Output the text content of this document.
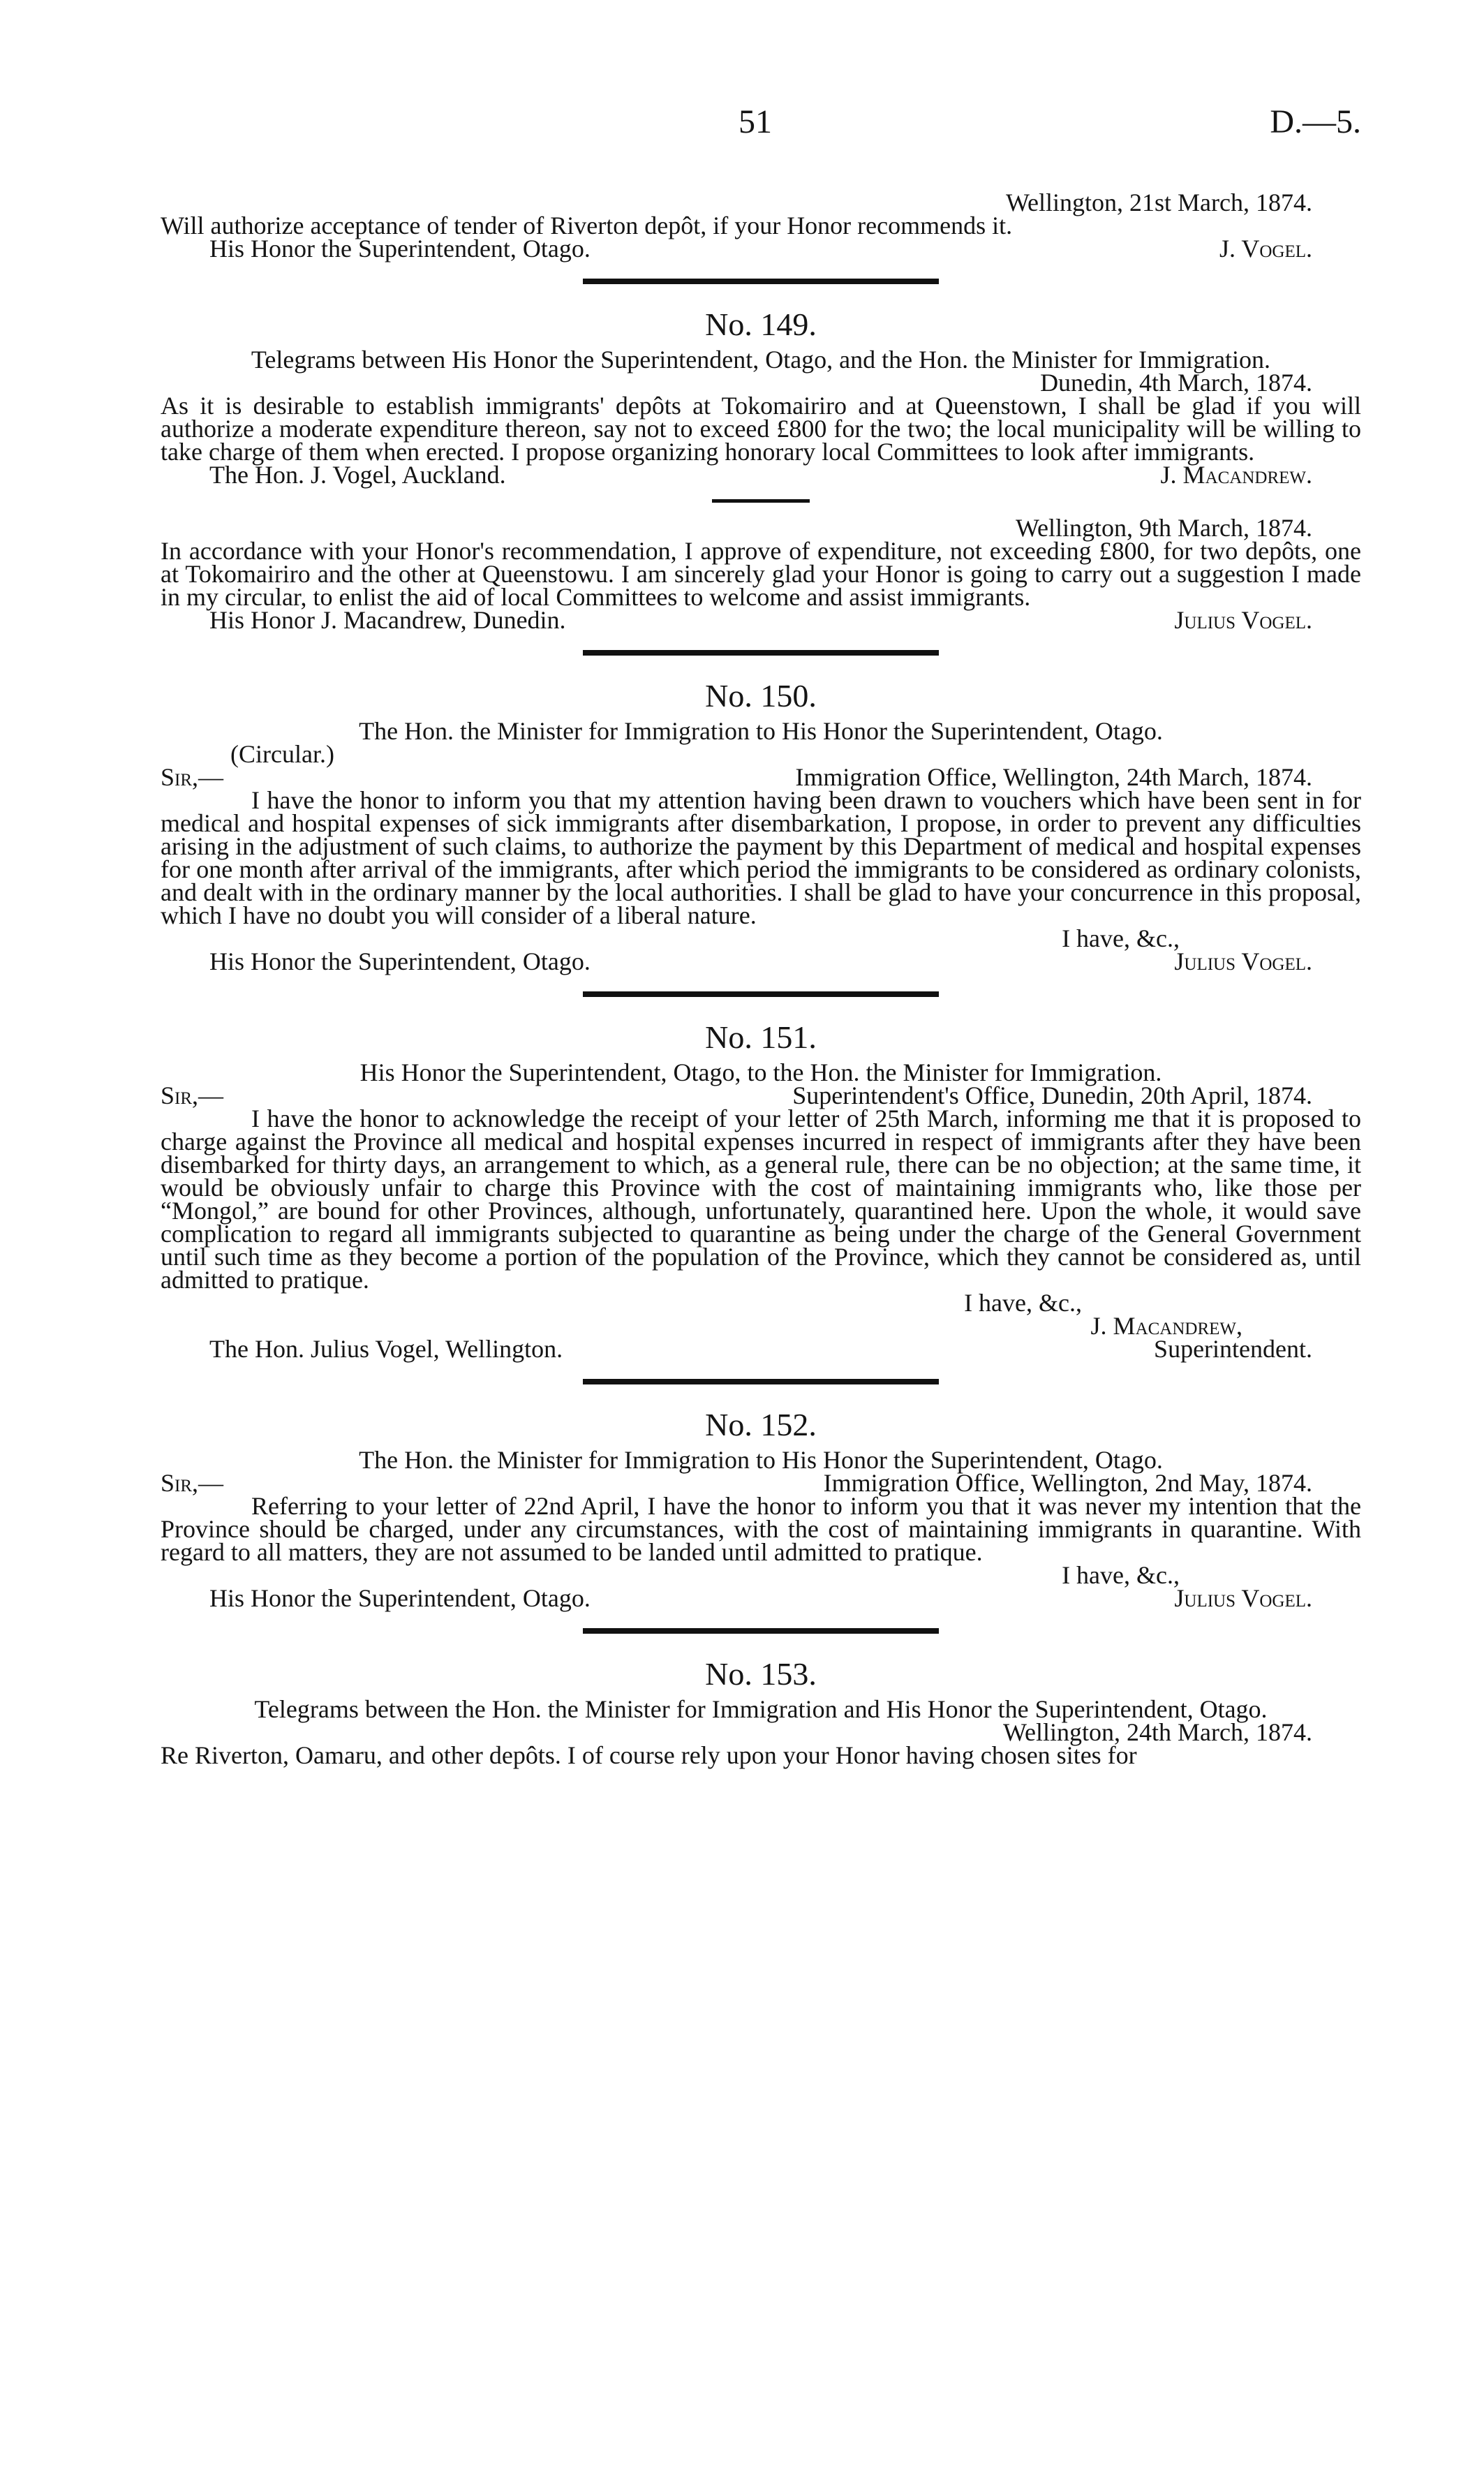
51	D.—5.
Wellington, 21st March, 1874.
Will authorize acceptance of tender of Riverton depôt, if your Honor recommends it.
His Honor the Superintendent, Otago.	J. Vogel.
No. 149.
Telegrams between His Honor the Superintendent, Otago, and the Hon. the Minister for Immigration.
Dunedin, 4th March, 1874.
As it is desirable to establish immigrants' depôts at Tokomairiro and at Queenstown, I shall be glad if you will authorize a moderate expenditure thereon, say not to exceed £800 for the two; the local municipality will be willing to take charge of them when erected. I propose organizing honorary local Committees to look after immigrants.
The Hon. J. Vogel, Auckland.	J. Macandrew.
Wellington, 9th March, 1874.
In accordance with your Honor's recommendation, I approve of expenditure, not exceeding £800, for two depôts, one at Tokomairiro and the other at Queenstowu. I am sincerely glad your Honor is going to carry out a suggestion I made in my circular, to enlist the aid of local Committees to welcome and assist immigrants.
His Honor J. Macandrew, Dunedin.	Julius Vogel.
No. 150.
The Hon. the Minister for Immigration to His Honor the Superintendent, Otago.
(Circular.)
Sir,—	Immigration Office, Wellington, 24th March, 1874.
I have the honor to inform you that my attention having been drawn to vouchers which have been sent in for medical and hospital expenses of sick immigrants after disembarkation, I propose, in order to prevent any difficulties arising in the adjustment of such claims, to authorize the payment by this Department of medical and hospital expenses for one month after arrival of the immigrants, after which period the immigrants to be considered as ordinary colonists, and dealt with in the ordinary manner by the local authorities. I shall be glad to have your concurrence in this proposal, which I have no doubt you will consider of a liberal nature.
I have, &c.,
His Honor the Superintendent, Otago.	Julius Vogel.
No. 151.
His Honor the Superintendent, Otago, to the Hon. the Minister for Immigration.
Sir,—	Superintendent's Office, Dunedin, 20th April, 1874.
I have the honor to acknowledge the receipt of your letter of 25th March, informing me that it is proposed to charge against the Province all medical and hospital expenses incurred in respect of immigrants after they have been disembarked for thirty days, an arrangement to which, as a general rule, there can be no objection; at the same time, it would be obviously unfair to charge this Province with the cost of maintaining immigrants who, like those per “Mongol,” are bound for other Provinces, although, unfortunately, quarantined here. Upon the whole, it would save complication to regard all immigrants subjected to quarantine as being under the charge of the General Government until such time as they become a portion of the population of the Province, which they cannot be considered as, until admitted to pratique.
I have, &c.,
J. Macandrew,
The Hon. Julius Vogel, Wellington.	Superintendent.
No. 152.
The Hon. the Minister for Immigration to His Honor the Superintendent, Otago.
Sir,—	Immigration Office, Wellington, 2nd May, 1874.
Referring to your letter of 22nd April, I have the honor to inform you that it was never my intention that the Province should be charged, under any circumstances, with the cost of maintaining immigrants in quarantine. With regard to all matters, they are not assumed to be landed until admitted to pratique.
I have, &c.,
His Honor the Superintendent, Otago.	Julius Vogel.
No. 153.
Telegrams between the Hon. the Minister for Immigration and His Honor the Superintendent, Otago.
Wellington, 24th March, 1874.
Re Riverton, Oamaru, and other depôts. I of course rely upon your Honor having chosen sites for
